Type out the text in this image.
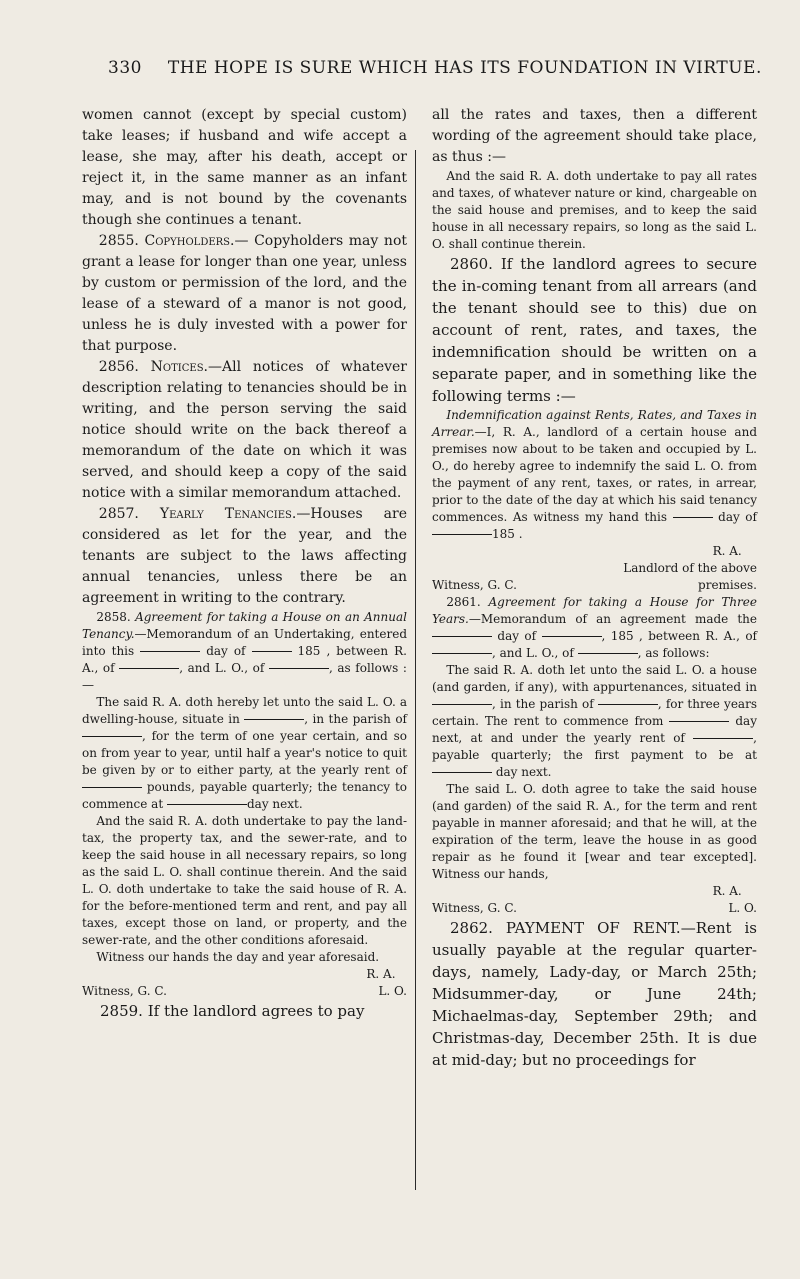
330 THE HOPE IS SURE WHICH HAS ITS FOUNDATION IN VIRTUE.

women cannot (except by special custom) take leases; if husband and wife accept a lease, she may, after his death, accept or reject it, in the same manner as an infant may, and is not bound by the covenants though she continues a tenant.

2855. Copyholders.— Copyholders may not grant a lease for longer than one year, unless by custom or permission of the lord, and the lease of a steward of a manor is not good, unless he is duly invested with a power for that purpose.

2856. Notices.—All notices of whatever description relating to tenancies should be in writing, and the person serving the said notice should write on the back thereof a memorandum of the date on which it was served, and should keep a copy of the said notice with a similar memorandum attached.

2857. Yearly Tenancies.—Houses are considered as let for the year, and the tenants are subject to the laws affecting annual tenancies, unless there be an agreement in writing to the contrary.

2858. Agreement for taking a House on an Annual Tenancy.—Memorandum of an Undertaking, entered into this	day of	185 , between R. A., of	, and L. O., of	, as follows :—

The said R. A. doth hereby let unto the said L. O. a dwelling-house, situate in	, in the parish of , for the term of one year certain, and so on from year to year, until half a year's notice to quit be given by or to either party, at the yearly rent of  pounds, payable quarterly; the tenancy to commence at	day next.

And the said R. A. doth undertake to pay the land-tax, the property tax, and the sewer-rate, and to keep the said house in all necessary repairs, so long as the said L. O. shall continue therein. And the said L. O. doth undertake to take the said house of R. A. for the before-mentioned term and rent, and pay all taxes, except those on land, or property, and the sewer-rate, and the other conditions aforesaid.

Witness our hands the day and year aforesaid.

R. A.

Witness, G. C.	L. O.

2859. If the landlord agrees to pay

all the rates and taxes, then a different wording of the agreement should take place, as thus :—

And the said R. A. doth undertake to pay all rates and taxes, of whatever nature or kind, chargeable on the said house and premises, and to keep the said house in all necessary repairs, so long as the said L. O. shall continue therein.

2860. If the landlord agrees to secure the in-coming tenant from all arrears (and the tenant should see to this) due on account of rent, rates, and taxes, the indemnification should be written on a separate paper, and in something like the following terms :—

Indemnification against Rents, Rates, and Taxes in Arrear.—I, R. A., landlord of a certain house and premises now about to be taken and occupied by L. O., do hereby agree to indemnify the said L. O. from the payment of any rent, taxes, or rates, in arrear, prior to the date of the day at which his said tenancy commences. As witness my hand this	day of 185 .

R. A.

Landlord of the above

Witness, G. C.	premises.

2861. Agreement for taking a House for Three Years.—Memorandum of an agreement made the  day of	, 185 , between R. A., of , and L. O., of	, as follows:

The said R. A. doth let unto the said L. O. a house (and garden, if any), with appurtenances, situated in , in the parish of	, for three years certain. The rent to commence from	day next, at and under the yearly rent of	, payable quarterly; the first payment to be at  day next.

The said L. O. doth agree to take the said house (and garden) of the said R. A., for the term and rent payable in manner aforesaid; and that he will, at the expiration of the term, leave the house in as good repair as he found it [wear and tear excepted]. Witness our hands,

R. A.

Witness, G. C.	L. O.

2862. PAYMENT OF RENT.—Rent is usually payable at the regular quarter-days, namely, Lady-day, or March 25th; Midsummer-day, or June 24th; Michaelmas-day, September 29th; and Christmas-day, December 25th. It is due at mid-day; but no proceedings for
